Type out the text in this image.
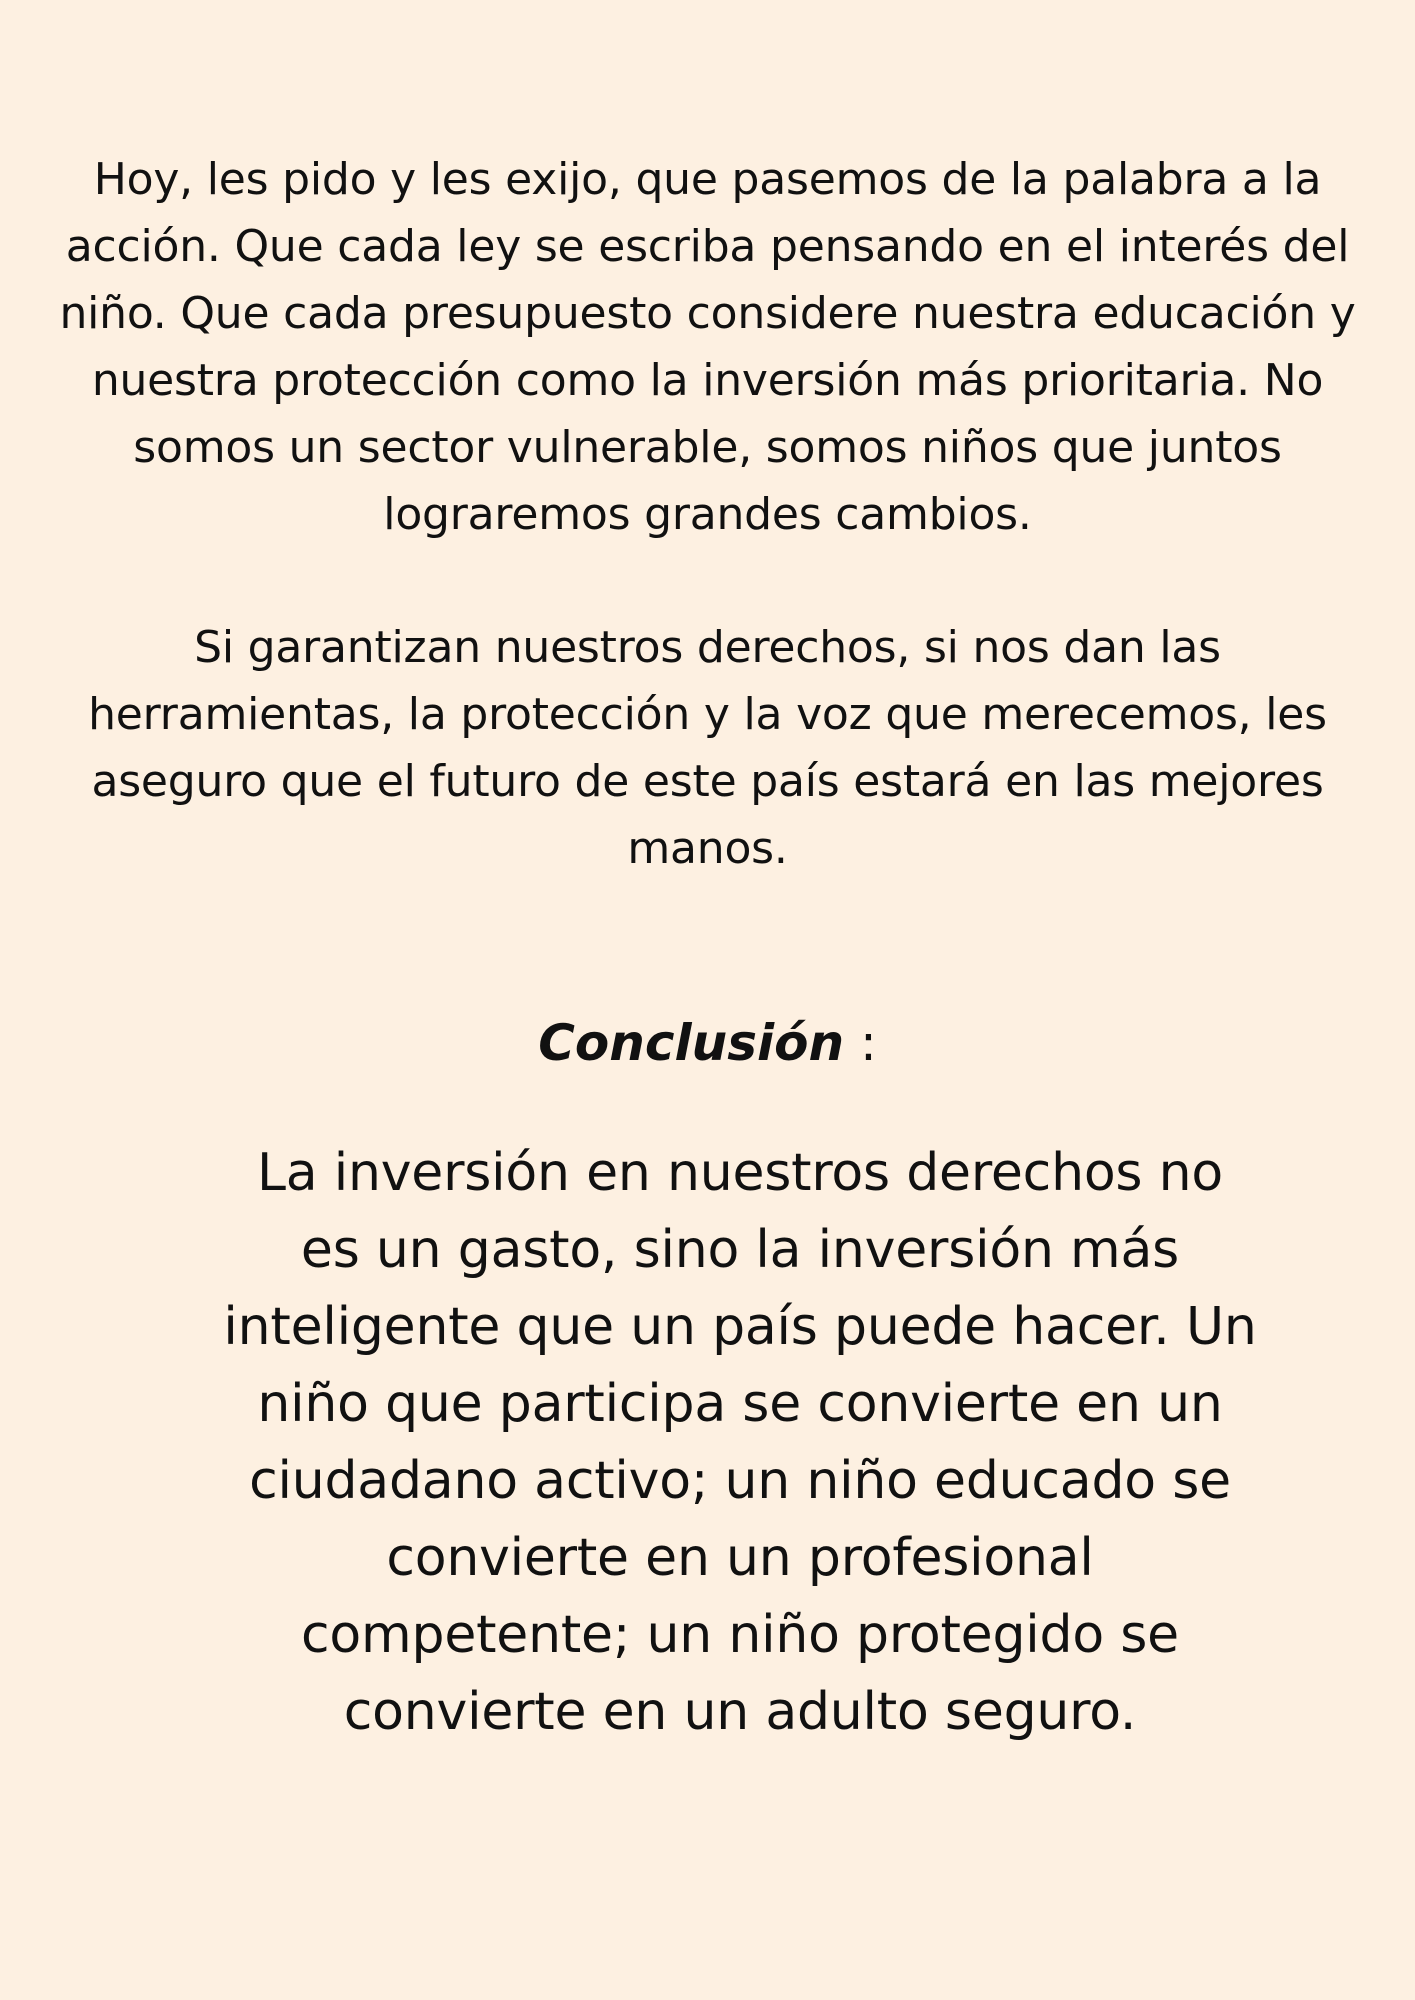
Hoy, les pido y les exijo, que pasemos de la palabra a la acción. Que cada ley se escriba pensando en el interés del niño. Que cada presupuesto considere nuestra educación y nuestra protección como la inversión más prioritaria. No somos un sector vulnerable, somos niños que juntos lograremos grandes cambios.

Si garantizan nuestros derechos, si nos dan las herramientas, la protección y la voz que merecemos, les aseguro que el futuro de este país estará en las mejores manos.

Conclusión :

La inversión en nuestros derechos no es un gasto, sino la inversión más inteligente que un país puede hacer. Un niño que participa se convierte en un ciudadano activo; un niño educado se convierte en un profesional competente; un niño protegido se convierte en un adulto seguro.
